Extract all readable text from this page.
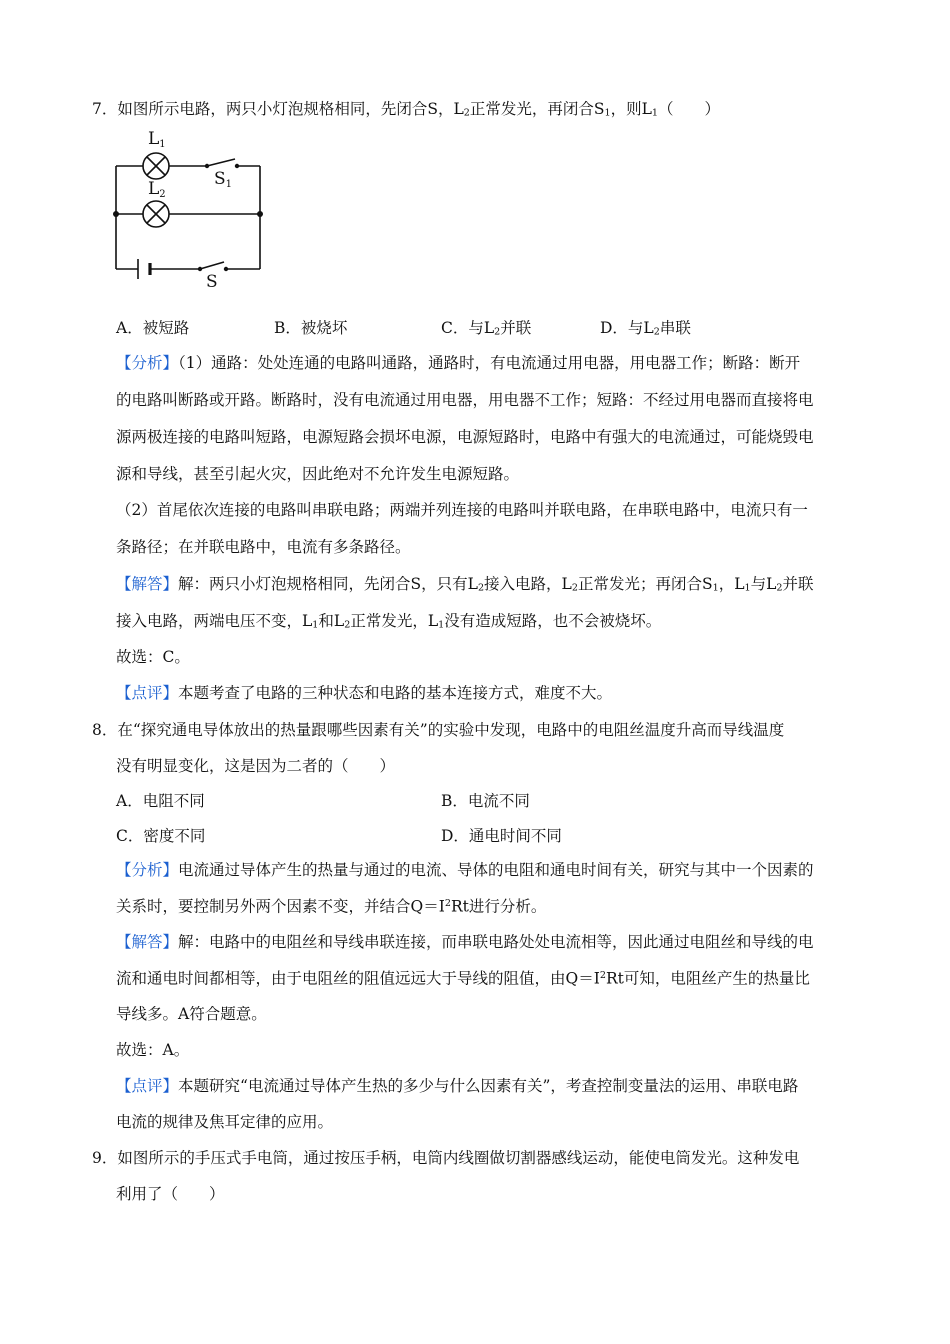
7．如图所示电路，两只小灯泡规格相同，先闭合S，$L_2$正常发光，再闭合$S_1$，则$L_1$（　　）
L1
S1
L2
S
A．被短路	B．被烧坏	C．与$L_2$并联	D．与$L_2$串联
【分析】（1）通路：处处连通的电路叫通路，通路时，有电流通过用电器，用电器工作；断路：断开
的电路叫断路或开路。断路时，没有电流通过用电器，用电器不工作；短路：不经过用电器而直接将电
源两极连接的电路叫短路，电源短路会损坏电源，电源短路时，电路中有强大的电流通过，可能烧毁电
源和导线，甚至引起火灾，因此绝对不允许发生电源短路。
（2）首尾依次连接的电路叫串联电路；两端并列连接的电路叫并联电路，在串联电路中，电流只有一
条路径；在并联电路中，电流有多条路径。
【解答】解：两只小灯泡规格相同，先闭合S，只有$L_2$接入电路，$L_2$正常发光；再闭合$S_1$，$L_1$与$L_2$并联
接入电路，两端电压不变，$L_1$和$L_2$正常发光，$L_1$没有造成短路，也不会被烧坏。
故选：C。
【点评】本题考查了电路的三种状态和电路的基本连接方式，难度不大。
8．在“探究通电导体放出的热量跟哪些因素有关”的实验中发现，电路中的电阻丝温度升高而导线温度
没有明显变化，这是因为二者的（　　）
A．电阻不同	B．电流不同
C．密度不同	D．通电时间不同
【分析】电流通过导体产生的热量与通过的电流、导体的电阻和通电时间有关，研究与其中一个因素的
关系时，要控制另外两个因素不变，并结合$Q=I^2Rt$进行分析。
【解答】解：电路中的电阻丝和导线串联连接，而串联电路处处电流相等，因此通过电阻丝和导线的电
流和通电时间都相等，由于电阻丝的阻值远远大于导线的阻值，由$Q=I^2Rt$可知，电阻丝产生的热量比
导线多。A符合题意。
故选：A。
【点评】本题研究“电流通过导体产生热的多少与什么因素有关”，考查控制变量法的运用、串联电路
电流的规律及焦耳定律的应用。
9．如图所示的手压式手电筒，通过按压手柄，电筒内线圈做切割器感线运动，能使电筒发光。这种发电
利用了（　　）
